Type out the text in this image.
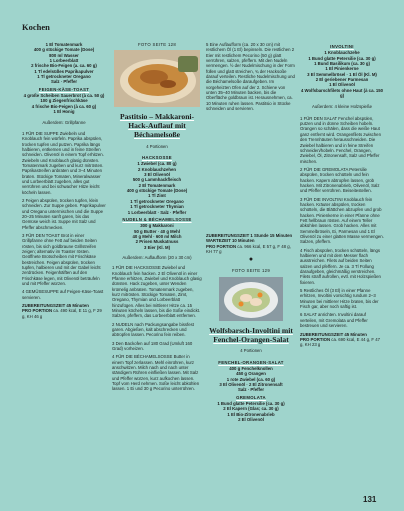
Kochen
1 El Tomatenmark
400 g stückige Tomate (Dose)
800 ml Wasser
1 Lorbeerblatt
2 frische Bio-Feigen (a. ca. 60 g)
1 Tl edelsüßes Paprikapulver
1 Tl getrockneter Oregano
Salz · Pfeffer
FEIGEN-KÄSE-TOAST
4 große Scheiben Sauerbrot (à ca. 50 g)
100 g Ziegenfrischkäse
4 frische Bio-Feigen (à ca. 60 g)
1 El Honig

Außerdem: Grillpfanne

1 FÜR DIE SUPPE Zwiebeln und Knoblauch fein würfeln. Paprika abspülen, trocken tupfen und putzen. Paprika längs halbieren, entkernen und in feine Streifen schneiden. Olivenöl in einem Topf erhitzen. Zwiebeln und Knoblauch glasig dünsten. Tomatenmark zugeben und kurz mitrösten. Paprikastreifen anbraten und 3–4 Minuten braten. Stückige Tomaten, Mineralwasser und Lorbeerblatt zugeben, alles gut verrühren und bei schwacher Hitze leicht köcheln lassen.

2 Feigen abspülen, trocken tupfen, klein schneiden. Zur Suppe geben. Paprikapulver und Oregano untermischen und die Suppe 20–25 Minuten sanft garen, bis das Gemüse weich ist. Suppe mit Salz und Pfeffer abschmecken.

3 FÜR DEN TOAST Brot in einer Grillpfanne ohne Fett auf beiden Seiten rösten, bis sich goldbraune Grillstreifen zeigen; alternativ im Toaster rösten. Geöffnete Brotscheiben mit Frischkäse bestreichen. Feigen abspülen, trocken tupfen, halbieren und mit der Gabel leicht zerdrücken. Feigenhälften auf den Frischkäse legen, mit Olivenöl beträufeln und mit Pfeffer würzen.

4 GEMÜSESUPPE auf Feigen-Käse-Toast servieren.

ZUBEREITUNGSZEIT 45 Minuten
PRO PORTION ca. 490 kcal, E 11 g, F 29 g, KH 46 g
FOTO SEITE 128
Pastitsio – Makkaroni-Hack-Auflauf mit Béchamelsoße
4 Portionen
HACKSOSSE
1 Zwiebel (ca. 80 g)
2 Knoblauchzehen
3 El Olivenöl
500 g Lammhackfleisch
2 El Tomatenmark
400 g stückige Tomate (Dose)
1 Tl Zimt
1 Tl getrockneter Oregano
1 Tl getrockneter Thymian
1 Lorbeerblatt · Salz · Pfeffer
NUDELN & BÉCHAMELSOSSE
300 g Makkaroni
50 g Butter · 40 g Mehl
40 g Mehl · 600 ml Milch
2 Prisen Muskatnuss
3 Eier (Kl. M)

Außerdem: Auflaufform (20 x 30 cm)

1 FÜR DIE HACKSOSSE Zwiebel und Knoblauch fein hacken. 2 El Olivenöl in einer Pfanne erhitzen, Zwiebel und Knoblauch glasig dünsten. Hack zugeben, unter Wenden krümelig anbraten. Tomatenmark zugeben, kurz mitrösten. Stückige Tomaten, Zimt, Oregano, Thymian und Lorbeerblatt hinzufügen. Alles bei mittlerer Hitze ca. 15 Minuten köcheln lassen, bis die Soße eindickt. Salzen, pfeffern, das Lorbeerblatt entfernen.

2 NUDELN nach Packungsangabe bissfest garen. Abgießen, kalt abschrecken und abtropfen lassen. Pecorino fein reiben.

3 Den Backofen auf 180 Grad (Umluft 160 Grad) vorheizen.

4 FÜR DIE BÉCHAMELSOSSE Butter in einem Topf zerlassen. Mehl einrühren, kurz anschwitzen. Milch nach und nach unter ständigem Rühren einfließen lassen. Mit Salz und Pfeffer würzen, kurz aufkochen lassen. Topf vom Herd nehmen. Soße leicht abkühlen lassen. 1 Ei und 30 g Pecorino unterrühren.

5 Eine Auflaufform (ca. 20 x 30 cm) mit restlichem Öl (1 El) bepinseln. Die restlichen 2 Eier mit restlichem Pecorino (50 g) glatt verrühren, salzen, pfeffern. Mit den Nudeln vermengen. ½ der Nudelmischung in der Form füllen und glatt streichen, ¾ der Hacksoße darauf verteilen. Restliche Nudelmischung und die Béchamelsoße daraufgeben. Im vorgeheizten Ofen auf der 2. Schiene von unten 35–40 Minuten backen, bis die Oberfläche goldbraun ist. Herausnehmen, ca. 10 Minuten ruhen lassen. Pastitsio in Stücke schneiden und servieren.

ZUBEREITUNGSZEIT 1 Stunde 15 Minuten
WARTEZEIT 10 Minuten
PRO PORTION ca. 966 kcal, E 57 g, F 48 g, KH 77 g
●
FOTO SEITE 129
Wolfsbarsch-Involtini mit Fenchel-Orangen-Salat
4 Portionen
FENCHEL-ORANGEN-SALAT
400 g Fenchelknollen
450 g Orangen
1 rote Zwiebel (ca. 60 g)
3 El Olivenöl · 2 El Zitronensaft
Salz · Pfeffer
GREMOLATA
1 Bund glatte Petersilie (ca. 30 g)
2 El Kapern (Glas; ca. 30 g)
1 El Bio-Zitronenabrieb
2 El Olivenöl
INVOLTINI
1 Knoblauchzehe
1 Bund glatte Petersilie (ca. 30 g)
1 Bund Basilikum (ca. 30 g)
1 El Pinienkerne
3 El Semmelbrösel · 1 El Öl (Kl. M)
2 El geriebener Parmesan
1 El Olivenöl
4 Wolfsbarschfilets ohne Haut (à ca. 150 g)

Außerdem: 4 kleine Holzspieße

1 FÜR DEN SALAT Fenchel abspülen, putzen und in dünne Scheiben hobeln. Orangen so schälen, dass die weiße Haut ganz entfernt wird. Orangenfilets zwischen den Trennhäuten herausschneiden. Die Zwiebel halbieren und in feine Streifen schneiden/hobeln. Fenchel, Orangen, Zwiebel, Öl, Zitronensaft, Salz und Pfeffer mischen.

2 FÜR DIE GREMOLATA Petersilie abspülen, trocken schütteln und fein hacken. Kapern abtropfen lassen, grob hacken. Mit Zitronenabrieb, Olivenöl, Salz und Pfeffer verrühren. Beiseitestellen.

3 FÜR DIE INVOLTINI Knoblauch fein hacken. Kräuter abspülen, trocken schütteln, die Blättchen abzupfen und grob hacken. Pinienkerne in einer Pfanne ohne Fett hellbraun rösten. Auf einem Teller abkühlen lassen. Grob hacken. Alles mit Semmelbröseln, Ei, Parmesan und 1 El Olivenöl zu einer glatten Masse vermengen. Salzen, pfeffern.

4 Fisch abspülen, trocken schütteln, längs halbieren und mit dem Messer flach ausstreichen. Filets auf beiden Seiten salzen und pfeffern. Je ca. 3 Tl Füllung daraufgeben, gleichmäßig verstreichen. Filets straff aufrollen, evtl. mit Holzspießen fixieren.

5 Restliches Öl (3 El) in einer Pfanne erhitzen, Involtini vorsichtig rundum 2–3 Minuten bei mittlerer Hitze braten, bis der Fisch gar, aber noch saftig ist.

6 SALAT anrichten. Involtini darauf verteilen, mit Gremolata und Pfeffer bestreuen und servieren.

ZUBEREITUNGSZEIT 45 Minuten
PRO PORTION ca. 690 kcal, E 44 g, F 47 g, KH 23 g
131
